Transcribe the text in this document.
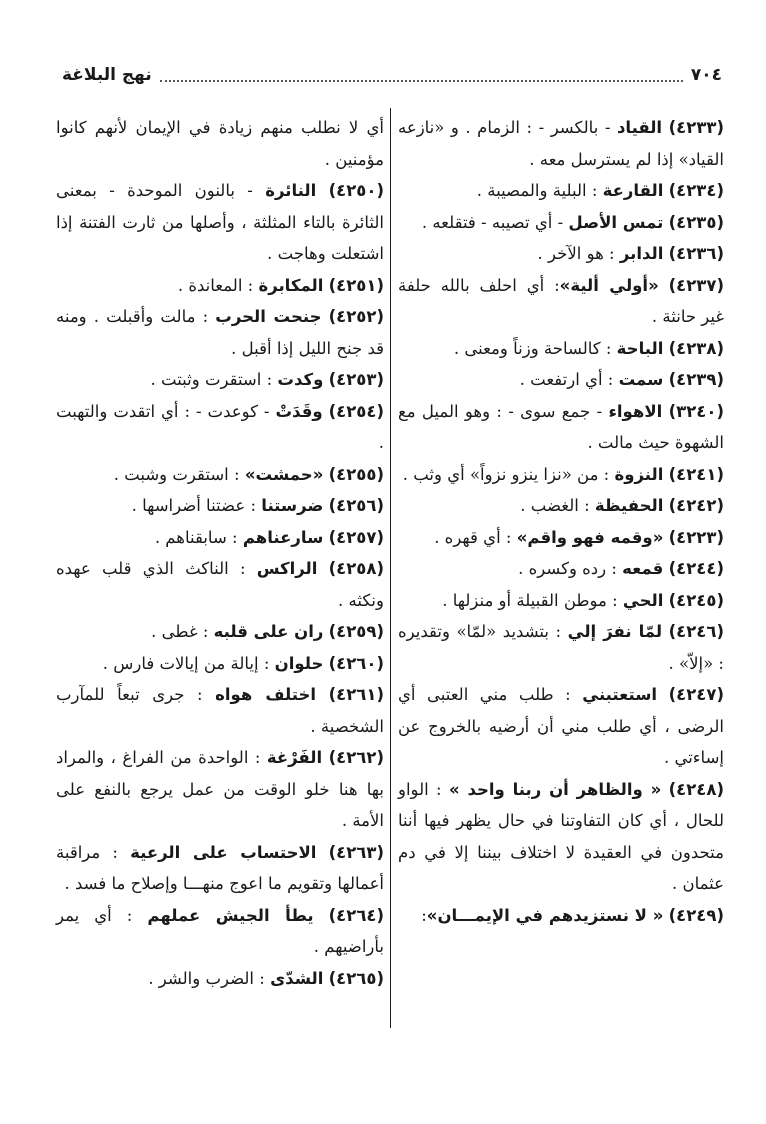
٧٠٤
نهج البلاغة

(٤٢٣٣) القياد - بالكسر - : الزمام . و «نازعه القياد» إذا لم يسترسل معه .

(٤٢٣٤) القارعة : البلية والمصيبة .

(٤٢٣٥) تمس الأصل - أي تصيبه - فتقلعه .

(٤٢٣٦) الدابر : هو الآخر .

(٤٢٣٧) «أولي ألية»: أي احلف بالله حلفة غير حانثة .

(٤٢٣٨) الباحة : كالساحة وزناً ومعنى .

(٤٢٣٩) سمت : أي ارتفعت .

(٣٢٤٠) الاهواء - جمع سوى - : وهو الميل مع الشهوة حيث مالت .

(٤٢٤١) النزوة : من «نزا ينزو نزواً» أي وثب .

(٤٢٤٢) الحفيظة : الغضب .

(٤٢٢٣) «وقمه فهو واقم» : أي قهره .

(٤٢٤٤) قمعه : رده وكسره .

(٤٢٤٥) الحي : موطن القبيلة أو منزلها .

(٤٢٤٦) لمّا نفرَ إلي : بتشديد «لمّا» وتقديره : «إلاّ» .

(٤٢٤٧) استعتبني : طلب مني العتبى أي الرضى ، أي طلب مني أن أرضيه بالخروج عن إساءتي .

(٤٢٤٨) « والظاهر أن ربنا واحد » : الواو للحال ، أي كان التفاوتنا في حال يظهر فيها أننا متحدون في العقيدة لا اختلاف بيننا إلا في دم عثمان .

(٤٢٤٩) « لا نستزيدهم في الإيمـــان»:

أي لا نطلب منهم زيادة في الإيمان لأنهم كانوا مؤمنين .

(٤٢٥٠) النائرة - بالنون الموحدة - بمعنى الثائرة بالتاء المثلثة ، وأصلها من ثارت الفتنة إذا اشتعلت وهاجت .

(٤٢٥١) المكابرة : المعاندة .

(٤٢٥٢) جنحت الحرب : مالت وأقبلت . ومنه قد جنح الليل إذا أقبل .

(٤٢٥٣) وكدت : استقرت وثبتت .

(٤٢٥٤) وقَدَتْ - كوعدت - : أي اتقدت والتهبت .

(٤٢٥٥) «حمشت» : استقرت وشبت .

(٤٢٥٦) ضرستنا : عضتنا أضراسها .

(٤٢٥٧) سارعناهم : سابقناهم .

(٤٢٥٨) الراكس : الناكث الذي قلب عهده ونكثه .

(٤٢٥٩) ران على قلبه : غطى .

(٤٢٦٠) حلوان : إيالة من إيالات فارس .

(٤٢٦١) اختلف هواه : جرى تبعاً للمآرب الشخصية .

(٤٢٦٢) الفَرْغة : الواحدة من الفراغ ، والمراد بها هنا خلو الوقت من عمل يرجع بالنفع على الأمة .

(٤٢٦٣) الاحتساب على الرعية : مراقبة أعمالها وتقويم ما اعوج منهـــا وإصلاح ما فسد .

(٤٢٦٤) يطأ الجيش عملهم : أي يمر بأراضيهم .

(٤٢٦٥) الشدّى : الضرب والشر .
